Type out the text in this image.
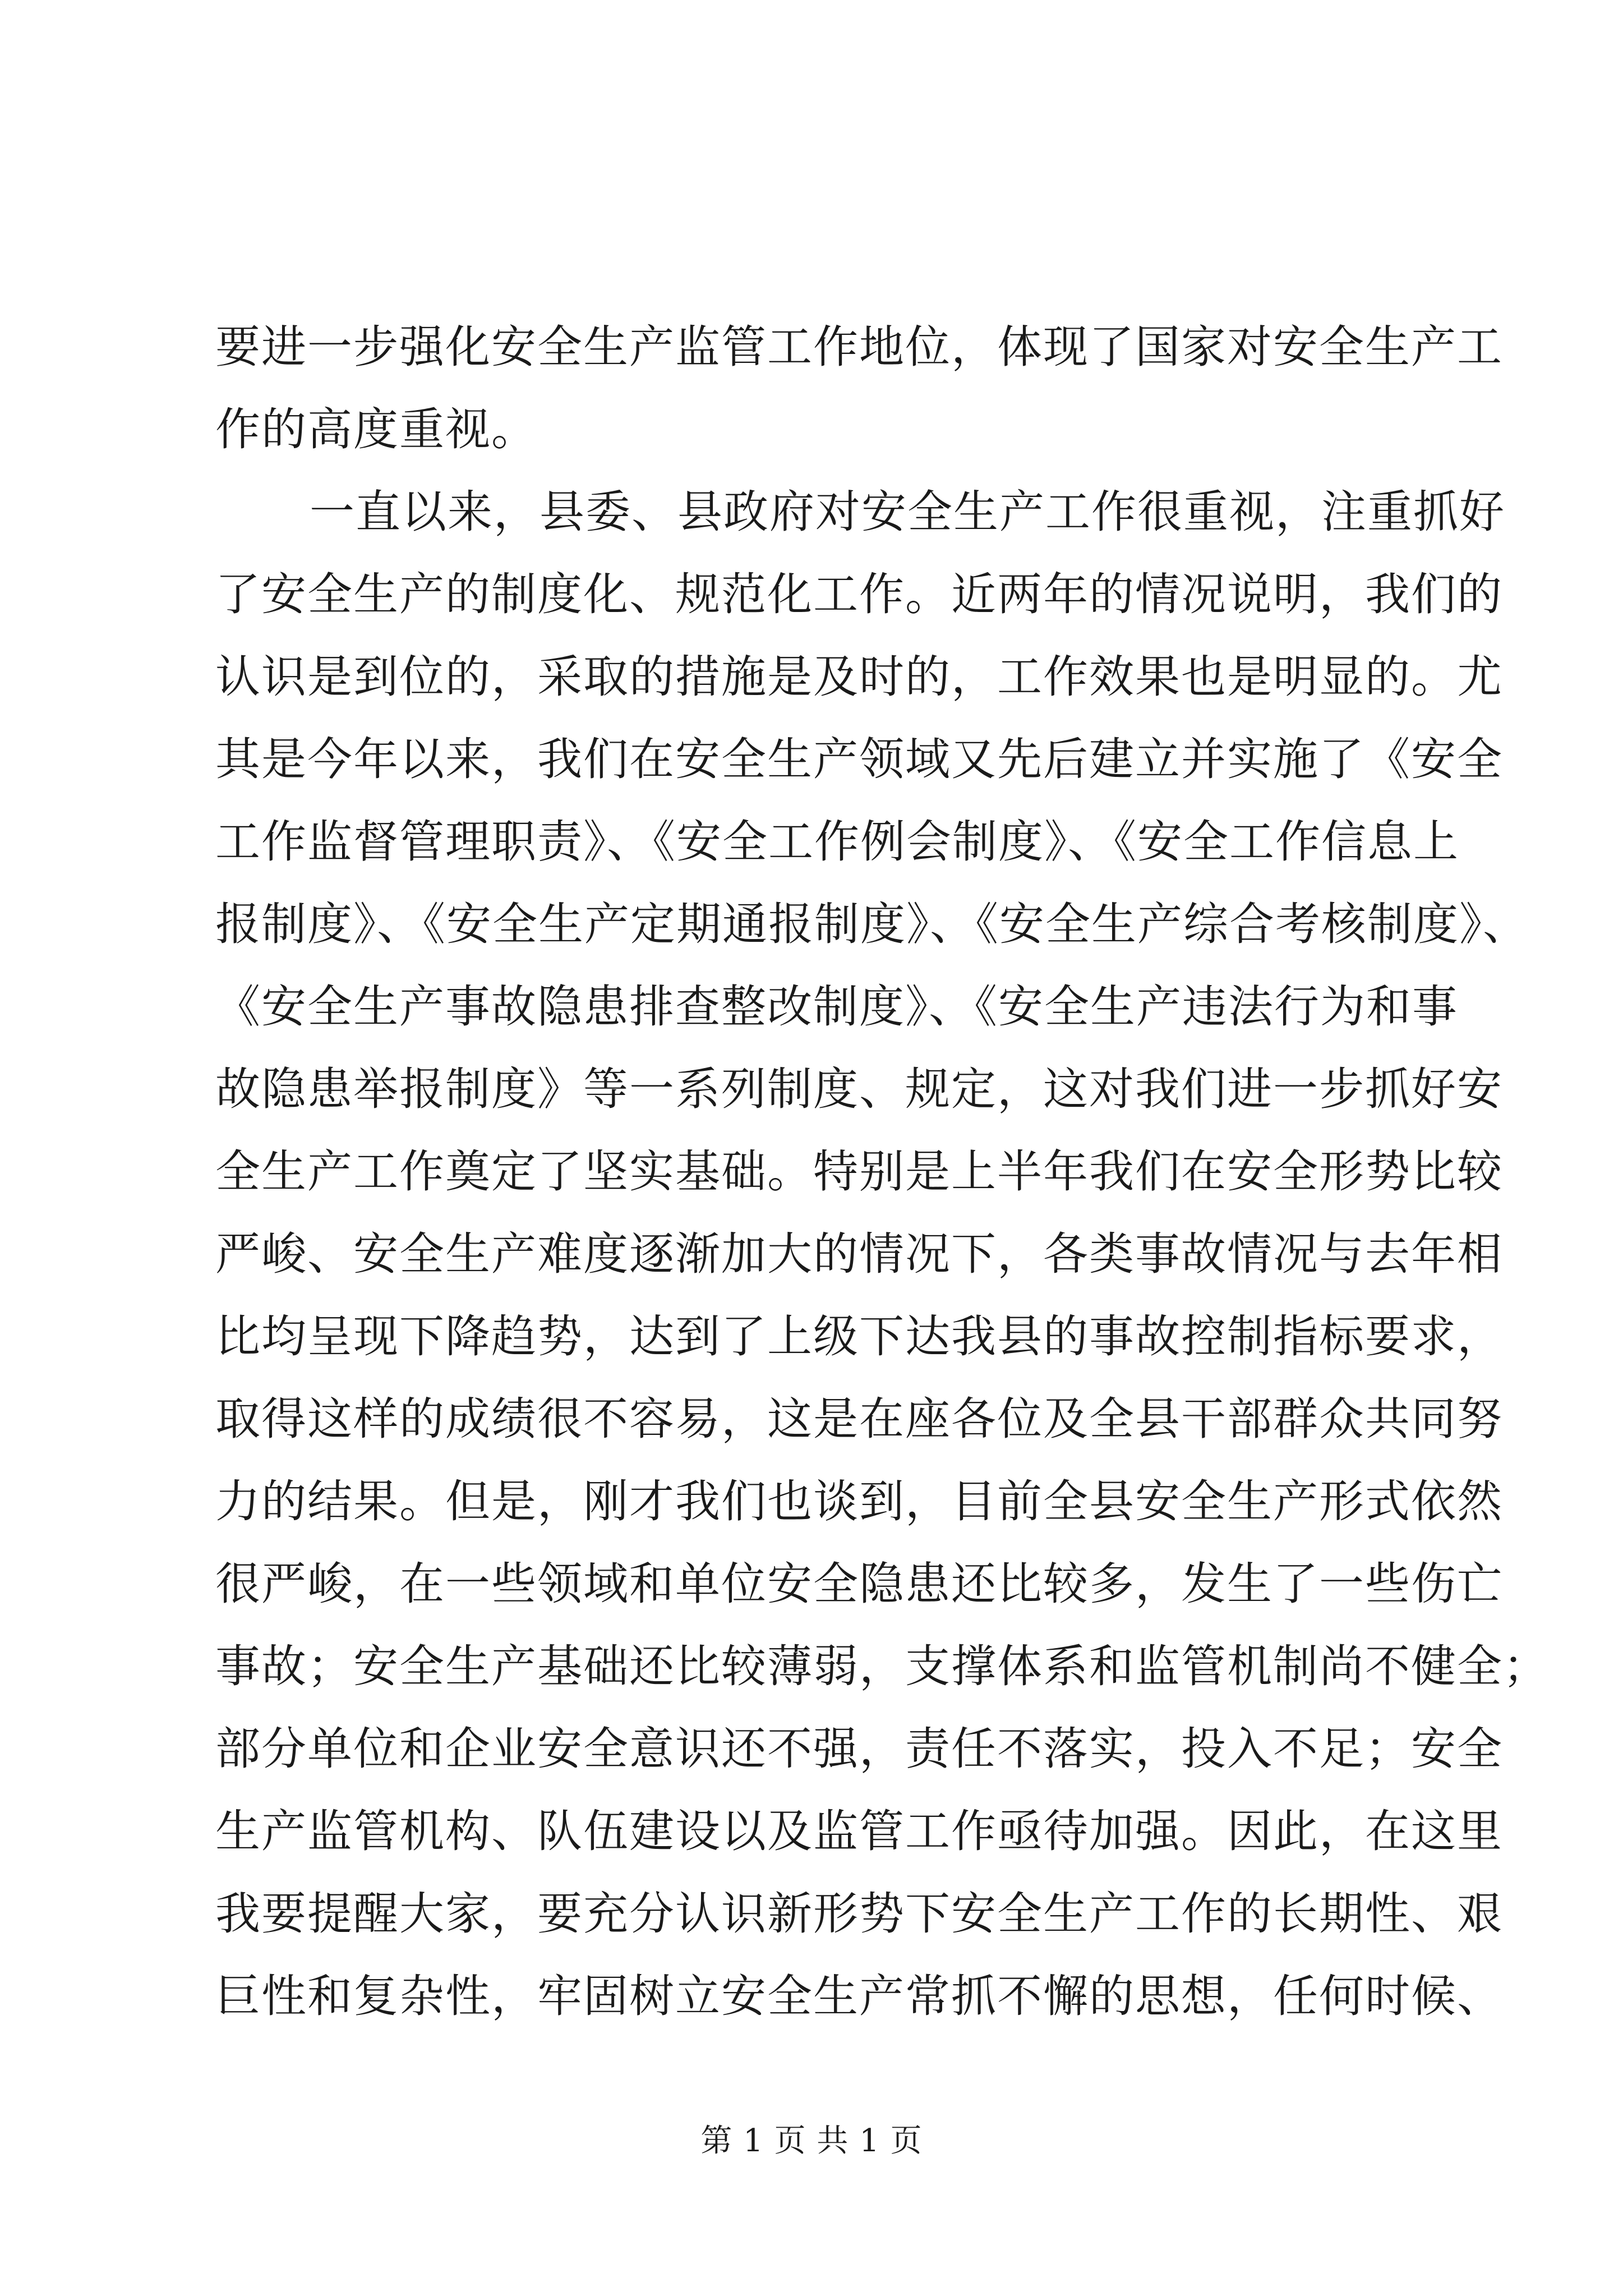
要进一步强化安全生产监管工作地位，体现了国家对安全生产工
作的高度重视。
一直以来，县委、县政府对安全生产工作很重视，注重抓好
了安全生产的制度化、规范化工作。近两年的情况说明，我们的
认识是到位的，采取的措施是及时的，工作效果也是明显的。尤
其是今年以来，我们在安全生产领域又先后建立并实施了《安全
工作监督管理职责》、《安全工作例会制度》、《安全工作信息上
报制度》、《安全生产定期通报制度》、《安全生产综合考核制度》、
《安全生产事故隐患排查整改制度》、《安全生产违法行为和事
故隐患举报制度》等一系列制度、规定，这对我们进一步抓好安
全生产工作奠定了坚实基础。特别是上半年我们在安全形势比较
严峻、安全生产难度逐渐加大的情况下，各类事故情况与去年相
比均呈现下降趋势，达到了上级下达我县的事故控制指标要求，
取得这样的成绩很不容易，这是在座各位及全县干部群众共同努
力的结果。但是，刚才我们也谈到，目前全县安全生产形式依然
很严峻，在一些领域和单位安全隐患还比较多，发生了一些伤亡
事故；安全生产基础还比较薄弱，支撑体系和监管机制尚不健全；
部分单位和企业安全意识还不强，责任不落实，投入不足；安全
生产监管机构、队伍建设以及监管工作亟待加强。因此，在这里
我要提醒大家，要充分认识新形势下安全生产工作的长期性、艰
巨性和复杂性，牢固树立安全生产常抓不懈的思想，任何时候、
第 1 页 共 1 页
